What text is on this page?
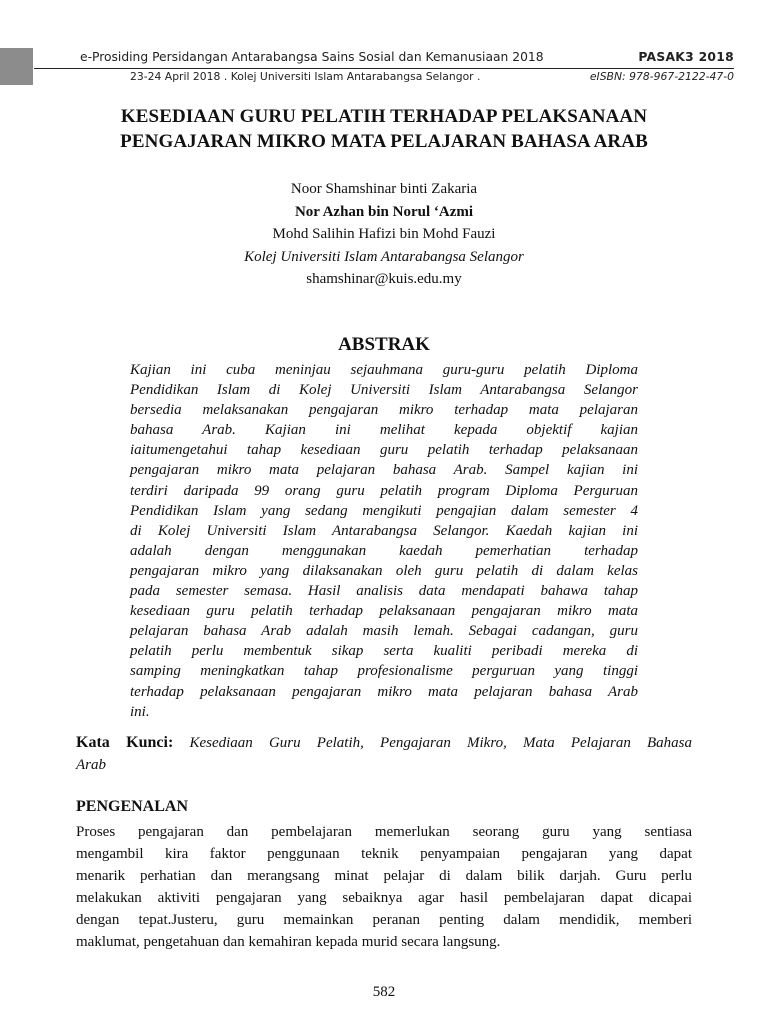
e-Prosiding Persidangan Antarabangsa Sains Sosial dan Kemanusiaan 2018	PASAK3 2018
23-24 April 2018 . Kolej Universiti Islam Antarabangsa Selangor .	eISBN: 978-967-2122-47-0
KESEDIAAN GURU PELATIH TERHADAP PELAKSANAAN
PENGAJARAN MIKRO MATA PELAJARAN BAHASA ARAB
Noor Shamshinar binti Zakaria
Nor Azhan bin Norul ‘Azmi
Mohd Salihin Hafizi bin Mohd Fauzi
Kolej Universiti Islam Antarabangsa Selangor
shamshinar@kuis.edu.my
ABSTRAK
Kajian ini cuba meninjau sejauhmana guru-guru pelatih Diploma
Pendidikan Islam di Kolej Universiti Islam Antarabangsa Selangor
bersedia melaksanakan pengajaran mikro terhadap mata pelajaran
bahasa Arab. Kajian ini melihat kepada objektif kajian
iaitumengetahui tahap kesediaan guru pelatih terhadap pelaksanaan
pengajaran mikro mata pelajaran bahasa Arab. Sampel kajian ini
terdiri daripada 99 orang guru pelatih program Diploma Perguruan
Pendidikan Islam yang sedang mengikuti pengajian dalam semester 4
di Kolej Universiti Islam Antarabangsa Selangor. Kaedah kajian ini
adalah dengan menggunakan kaedah pemerhatian terhadap
pengajaran mikro yang dilaksanakan oleh guru pelatih di dalam kelas
pada semester semasa. Hasil analisis data mendapati bahawa tahap
kesediaan guru pelatih terhadap pelaksanaan pengajaran mikro mata
pelajaran bahasa Arab adalah masih lemah. Sebagai cadangan, guru
pelatih perlu membentuk sikap serta kualiti peribadi mereka di
samping meningkatkan tahap profesionalisme perguruan yang tinggi
terhadap pelaksanaan pengajaran mikro mata pelajaran bahasa Arab
ini.
Kata Kunci: Kesediaan Guru Pelatih, Pengajaran Mikro, Mata Pelajaran Bahasa
Arab
PENGENALAN
Proses pengajaran dan pembelajaran memerlukan seorang guru yang sentiasa
mengambil kira faktor penggunaan teknik penyampaian pengajaran yang dapat
menarik perhatian dan merangsang minat pelajar di dalam bilik darjah. Guru perlu
melakukan aktiviti pengajaran yang sebaiknya agar hasil pembelajaran dapat dicapai
dengan tepat.Justeru, guru memainkan peranan penting dalam mendidik, memberi
maklumat, pengetahuan dan kemahiran kepada murid secara langsung.
582
